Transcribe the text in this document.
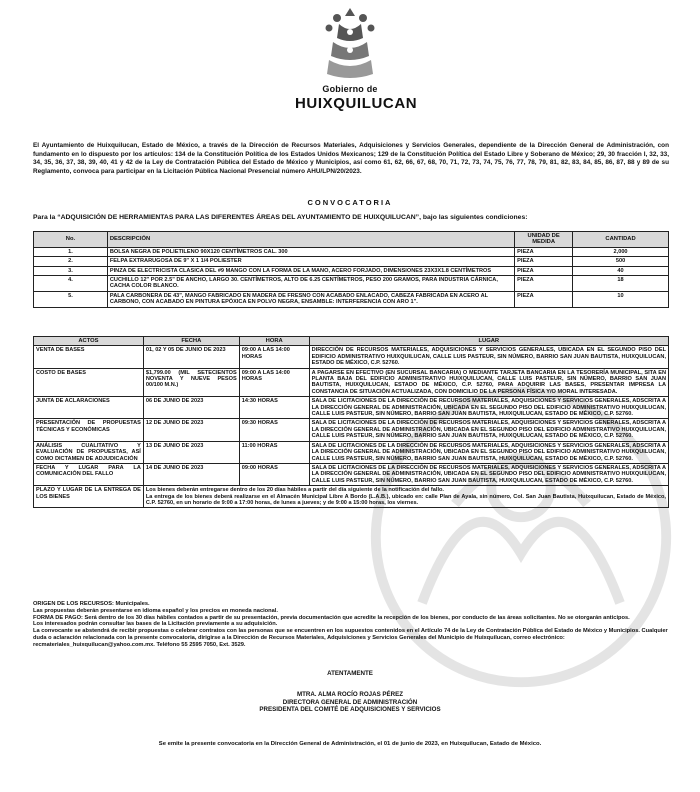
Gobierno de
HUIXQUILUCAN
El Ayuntamiento de Huixquilucan, Estado de México, a través de la Dirección de Recursos Materiales, Adquisiciones y Servicios Generales, dependiente de la Dirección General de Administración, con fundamento en lo dispuesto por los artículos: 134 de la Constitución Política de los Estados Unidos Mexicanos; 129 de la Constitución Política del Estado Libre y Soberano de México; 29, 30 fracción I, 32, 33, 34, 35, 36, 37, 38, 39, 40, 41 y 42 de la Ley de Contratación Pública del Estado de México y Municipios, así como 61, 62, 66, 67, 68, 70, 71, 72, 73, 74, 75, 76, 77, 78, 79, 81, 82, 83, 84, 85, 86, 87, 88 y 89 de su Reglamento, convoca para participar en la Licitación Pública Nacional Presencial número AHU/LPN/20/2023.
CONVOCATORIA
Para la “ADQUISICIÓN DE HERRAMIENTAS PARA LAS DIFERENTES ÁREAS DEL AYUNTAMIENTO DE HUIXQUILUCAN”, bajo las siguientes condiciones:
No.	DESCRIPCIÓN	UNIDAD DE MEDIDA	CANTIDAD
1.	BOLSA NEGRA DE POLIETILENO 90X120 CENTÍMETROS CAL. 300	PIEZA	2,000
2.	FELPA EXTRARUGOSA DE 9" X 1 1/4 POLIESTER	PIEZA	500
3.	PINZA DE ELECTRICISTA CLASICA DEL #9 MANGO CON LA FORMA DE LA MANO, ACERO FORJADO, DIMENSIONES 23X3X1.8 CENTÍMETROS	PIEZA	40
4.	CUCHILLO 12" POR 2.5" DE ANCHO, LARGO 30. CENTÍMETROS, ALTO DE 6.25 CENTÍMETROS, PESO 200 GRAMOS, PARA INDUSTRIA CÁRNICA, CACHA COLOR BLANCO.	PIEZA	18
5.	PALA CARBONERA DE 43", MANGO FABRICADO EN MADERA DE FRESNO CON ACABADO ENLACADO, CABEZA FABRICADA EN ACERO AL CARBONO, CON ACABADO EN PINTURA EPÓXICA EN POLVO NEGRA, ENSAMBLE: INTERFERENCIA CON ARO 1".	PIEZA	10
ACTOS	FECHA	HORA	LUGAR
VENTA DE BASES	01, 02 Y 05 DE JUNIO DE 2023	09:00 A LAS 14:00 HORAS	DIRECCIÓN DE RECURSOS MATERIALES, ADQUISICIONES Y SERVICIOS GENERALES, UBICADA EN EL SEGUNDO PISO DEL EDIFICIO ADMINISTRATIVO HUIXQUILUCAN, CALLE LUIS PASTEUR, SIN NÚMERO, BARRIO SAN JUAN BAUTISTA, HUIXQUILUCAN, ESTADO DE MÉXICO, C.P. 52760.
COSTO DE BASES	$1,799.00 (MIL SETECIENTOS NOVENTA Y NUEVE PESOS 00/100 M.N.)	09:00 A LAS 14:00 HORAS	A PAGARSE EN EFECTIVO (EN SUCURSAL BANCARIA) O MEDIANTE TARJETA BANCARIA EN LA TESORERÍA MUNICIPAL, SITA EN PLANTA BAJA DEL EDIFICIO ADMINISTRATIVO HUIXQUILUCAN, CALLE LUIS PASTEUR, SIN NÚMERO, BARRIO SAN JUAN BAUTISTA, HUIXQUILUCAN, ESTADO DE MÉXICO, C.P. 52760, PARA ADQUIRIR LAS BASES, PRESENTAR IMPRESA LA CONSTANCIA DE SITUACIÓN ACTUALIZADA, CON DOMICILIO DE LA PERSONA FÍSICA Y/O MORAL INTERESADA.
JUNTA DE ACLARACIONES	06 DE JUNIO DE 2023	14:30 HORAS	SALA DE LICITACIONES DE LA DIRECCIÓN DE RECURSOS MATERIALES, ADQUISICIONES Y SERVICIOS GENERALES, ADSCRITA A LA DIRECCIÓN GENERAL DE ADMINISTRACIÓN, UBICADA EN EL SEGUNDO PISO DEL EDIFICIO ADMINISTRATIVO HUIXQUILUCAN, CALLE LUIS PASTEUR, SIN NÚMERO, BARRIO SAN JUAN BAUTISTA, HUIXQUILUCAN, ESTADO DE MÉXICO, C.P. 52760.
PRESENTACIÓN DE PROPUESTAS TÉCNICAS Y ECONÓMICAS	12 DE JUNIO DE 2023	09:30 HORAS	SALA DE LICITACIONES DE LA DIRECCIÓN DE RECURSOS MATERIALES, ADQUISICIONES Y SERVICIOS GENERALES, ADSCRITA A LA DIRECCIÓN GENERAL DE ADMINISTRACIÓN, UBICADA EN EL SEGUNDO PISO DEL EDIFICIO ADMINISTRATIVO HUIXQUILUCAN, CALLE LUIS PASTEUR, SIN NÚMERO, BARRIO SAN JUAN BAUTISTA, HUIXQUILUCAN, ESTADO DE MÉXICO, C.P. 52760.
ANÁLISIS CUALITATIVO Y EVALUACIÓN DE PROPUESTAS, ASÍ COMO DICTAMEN DE ADJUDICACIÓN	13 DE JUNIO DE 2023	11:00 HORAS	SALA DE LICITACIONES DE LA DIRECCIÓN DE RECURSOS MATERIALES, ADQUISICIONES Y SERVICIOS GENERALES, ADSCRITA A LA DIRECCIÓN GENERAL DE ADMINISTRACIÓN, UBICADA EN EL SEGUNDO PISO DEL EDIFICIO ADMINISTRATIVO HUIXQUILUCAN, CALLE LUIS PASTEUR, SIN NÚMERO, BARRIO SAN JUAN BAUTISTA, HUIXQUILUCAN, ESTADO DE MÉXICO, C.P. 52760.
FECHA Y LUGAR PARA LA COMUNICACIÓN DEL FALLO	14 DE JUNIO DE 2023	09:00 HORAS	SALA DE LICITACIONES DE LA DIRECCIÓN DE RECURSOS MATERIALES, ADQUISICIONES Y SERVICIOS GENERALES, ADSCRITA A LA DIRECCIÓN GENERAL DE ADMINISTRACIÓN, UBICADA EN EL SEGUNDO PISO DEL EDIFICIO ADMINISTRATIVO HUIXQUILUCAN, CALLE LUIS PASTEUR, SIN NÚMERO, BARRIO SAN JUAN BAUTISTA, HUIXQUILUCAN, ESTADO DE MÉXICO, C.P. 52760.
PLAZO Y LUGAR DE LA ENTREGA DE LOS BIENES	Los bienes deberán entregarse dentro de los 20 días hábiles a partir del día siguiente de la notificación del fallo.
La entrega de los bienes deberá realizarse en el Almacén Municipal Libre A Bordo (L.A.B.), ubicado en: calle Plan de Ayala, sin número, Col. San Juan Bautista, Huixquilucan, Estado de México, C.P. 52760, en un horario de 9:00 a 17:00 horas, de lunes a jueves; y de 9:00 a 15:00 horas, los viernes.		

ORIGEN DE LOS RECURSOS: Municipales.

Las propuestas deberán presentarse en idioma español y los precios en moneda nacional.

FORMA DE PAGO: Será dentro de los 30 días hábiles contados a partir de su presentación, previa documentación que acredite la recepción de los bienes, por conducto de las áreas solicitantes. No se otorgarán anticipos.

Los interesados podrán consultar las bases de la Licitación previamente a su adquisición.

La convocante se abstendrá de recibir propuestas o celebrar contratos con las personas que se encuentren en los supuestos contenidos en el Artículo 74 de la Ley de Contratación Pública del Estado de México y Municipios. Cualquier duda o aclaración relacionada con la presente convocatoria, dirigirse a la Dirección de Recursos Materiales, Adquisiciones y Servicios Generales del Municipio de Huixquilucan, correo electrónico: recmateriales_huixquilucan@yahoo.com.mx. Teléfono 55 2595 7050, Ext. 3529.

ATENTAMENTE
MTRA. ALMA ROCÍO ROJAS PÉREZ
DIRECTORA GENERAL DE ADMINISTRACIÓN
PRESIDENTA DEL COMITÉ DE ADQUISICIONES Y SERVICIOS
Se emite la presente convocatoria en la Dirección General de Administración, el 01 de junio de 2023, en Huixquilucan, Estado de México.
